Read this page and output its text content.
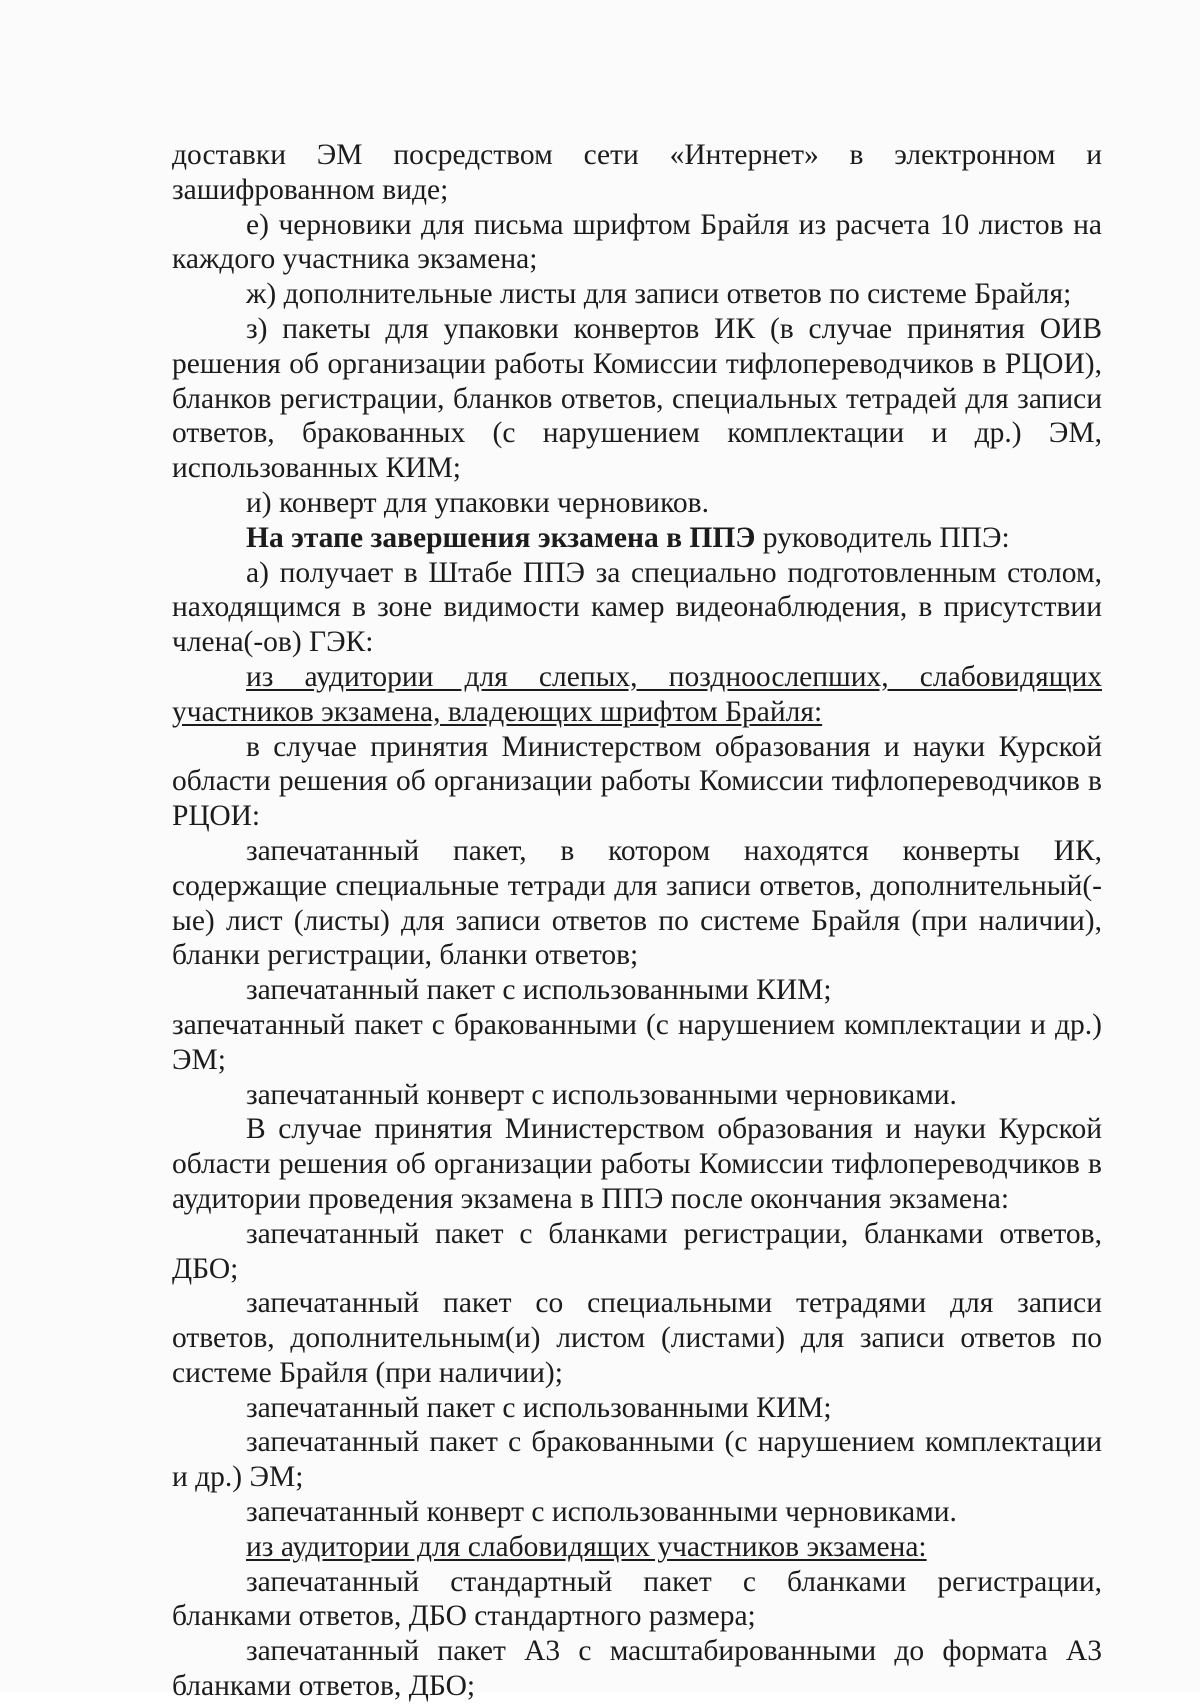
доставки ЭМ посредством сети «Интернет» в электронном и зашифрованном виде;

е) черновики для письма шрифтом Брайля из расчета 10 листов на каждого участника экзамена;

ж) дополнительные листы для записи ответов по системе Брайля;

з) пакеты для упаковки конвертов ИК (в случае принятия ОИВ решения об организации работы Комиссии тифлопереводчиков в РЦОИ), бланков регистрации, бланков ответов, специальных тетрадей для записи ответов, бракованных (с нарушением комплектации и др.) ЭМ, использованных КИМ;

и) конверт для упаковки черновиков.

На этапе завершения экзамена в ППЭ руководитель ППЭ:

а) получает в Штабе ППЭ за специально подготовленным столом, находящимся в зоне видимости камер видеонаблюдения, в присутствии члена(-ов) ГЭК:

из аудитории для слепых, поздноослепших, слабовидящих участников экзамена, владеющих шрифтом Брайля:

в случае принятия Министерством образования и науки Курской области решения об организации работы Комиссии тифлопереводчиков в РЦОИ:

запечатанный пакет, в котором находятся конверты ИК, содержащие специальные тетради для записи ответов, дополнительный(-ые) лист (листы) для записи ответов по системе Брайля (при наличии), бланки регистрации, бланки ответов;

запечатанный пакет с использованными КИМ;

запечатанный пакет с бракованными (с нарушением комплектации и др.) ЭМ;

запечатанный конверт с использованными черновиками.

В случае принятия Министерством образования и науки Курской области решения об организации работы Комиссии тифлопереводчиков в аудитории проведения экзамена в ППЭ после окончания экзамена:

запечатанный пакет с бланками регистрации, бланками ответов, ДБО;

запечатанный пакет со специальными тетрадями для записи ответов, дополнительным(и) листом (листами) для записи ответов по системе Брайля (при наличии);

запечатанный пакет с использованными КИМ;

запечатанный пакет с бракованными (с нарушением комплектации и др.) ЭМ;

запечатанный конверт с использованными черновиками.

из аудитории для слабовидящих участников экзамена:

запечатанный стандартный пакет с бланками регистрации, бланками ответов, ДБО стандартного размера;

запечатанный пакет А3 с масштабированными до формата А3 бланками ответов, ДБО;
